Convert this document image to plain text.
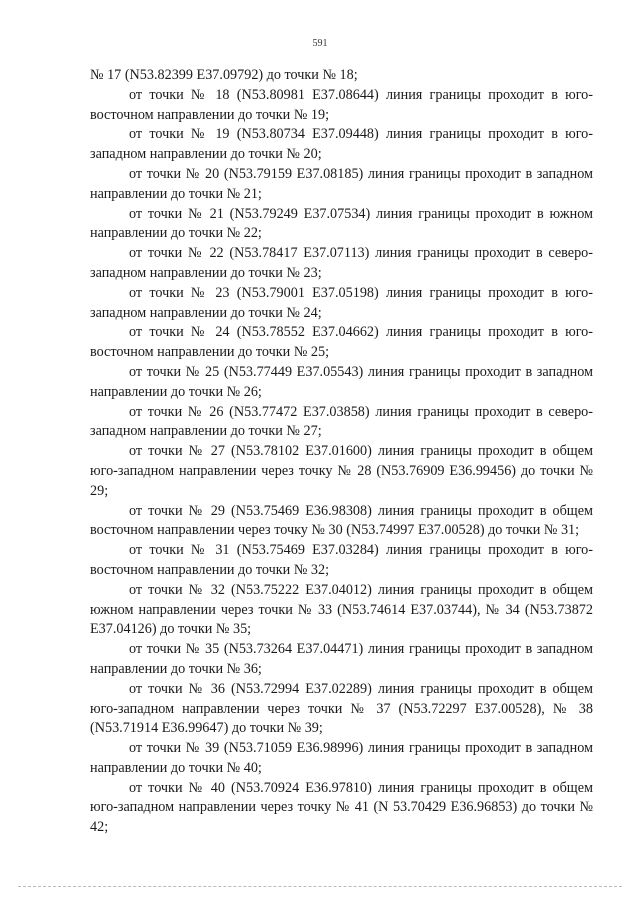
591

№ 17 (N53.82399 E37.09792) до точки № 18;

от точки № 18 (N53.80981 E37.08644) линия границы проходит в юго-восточном направлении до точки № 19;

от точки № 19 (N53.80734 E37.09448) линия границы проходит в юго-западном направлении до точки № 20;

от точки № 20 (N53.79159 E37.08185) линия границы проходит в западном направлении до точки № 21;

от точки № 21 (N53.79249 E37.07534) линия границы проходит в южном направлении до точки № 22;

от точки № 22 (N53.78417 E37.07113) линия границы проходит в северо-западном направлении до точки № 23;

от точки № 23 (N53.79001 E37.05198) линия границы проходит в юго-западном направлении до точки № 24;

от точки № 24 (N53.78552 E37.04662) линия границы проходит в юго-восточном направлении до точки № 25;

от точки № 25 (N53.77449 E37.05543) линия границы проходит в западном направлении до точки № 26;

от точки № 26 (N53.77472 E37.03858) линия границы проходит в северо-западном направлении до точки № 27;

от точки № 27 (N53.78102 E37.01600) линия границы проходит в общем юго-западном направлении через точку № 28 (N53.76909 E36.99456) до точки № 29;

от точки № 29 (N53.75469 E36.98308) линия границы проходит в общем восточном направлении через точку № 30 (N53.74997 E37.00528) до точки № 31;

от точки № 31 (N53.75469 E37.03284) линия границы проходит в юго-восточном направлении до точки № 32;

от точки № 32 (N53.75222 E37.04012) линия границы проходит в общем южном направлении через точки № 33 (N53.74614 E37.03744), № 34 (N53.73872 E37.04126) до точки № 35;

от точки № 35 (N53.73264 E37.04471) линия границы проходит в западном направлении до точки № 36;

от точки № 36 (N53.72994 E37.02289) линия границы проходит в общем юго-западном направлении через точки № 37 (N53.72297 E37.00528), № 38 (N53.71914 E36.99647) до точки № 39;

от точки № 39 (N53.71059 E36.98996) линия границы проходит в западном направлении до точки № 40;

от точки № 40 (N53.70924 E36.97810) линия границы проходит в общем юго-западном направлении через точку № 41 (N 53.70429 E36.96853) до точки № 42;
